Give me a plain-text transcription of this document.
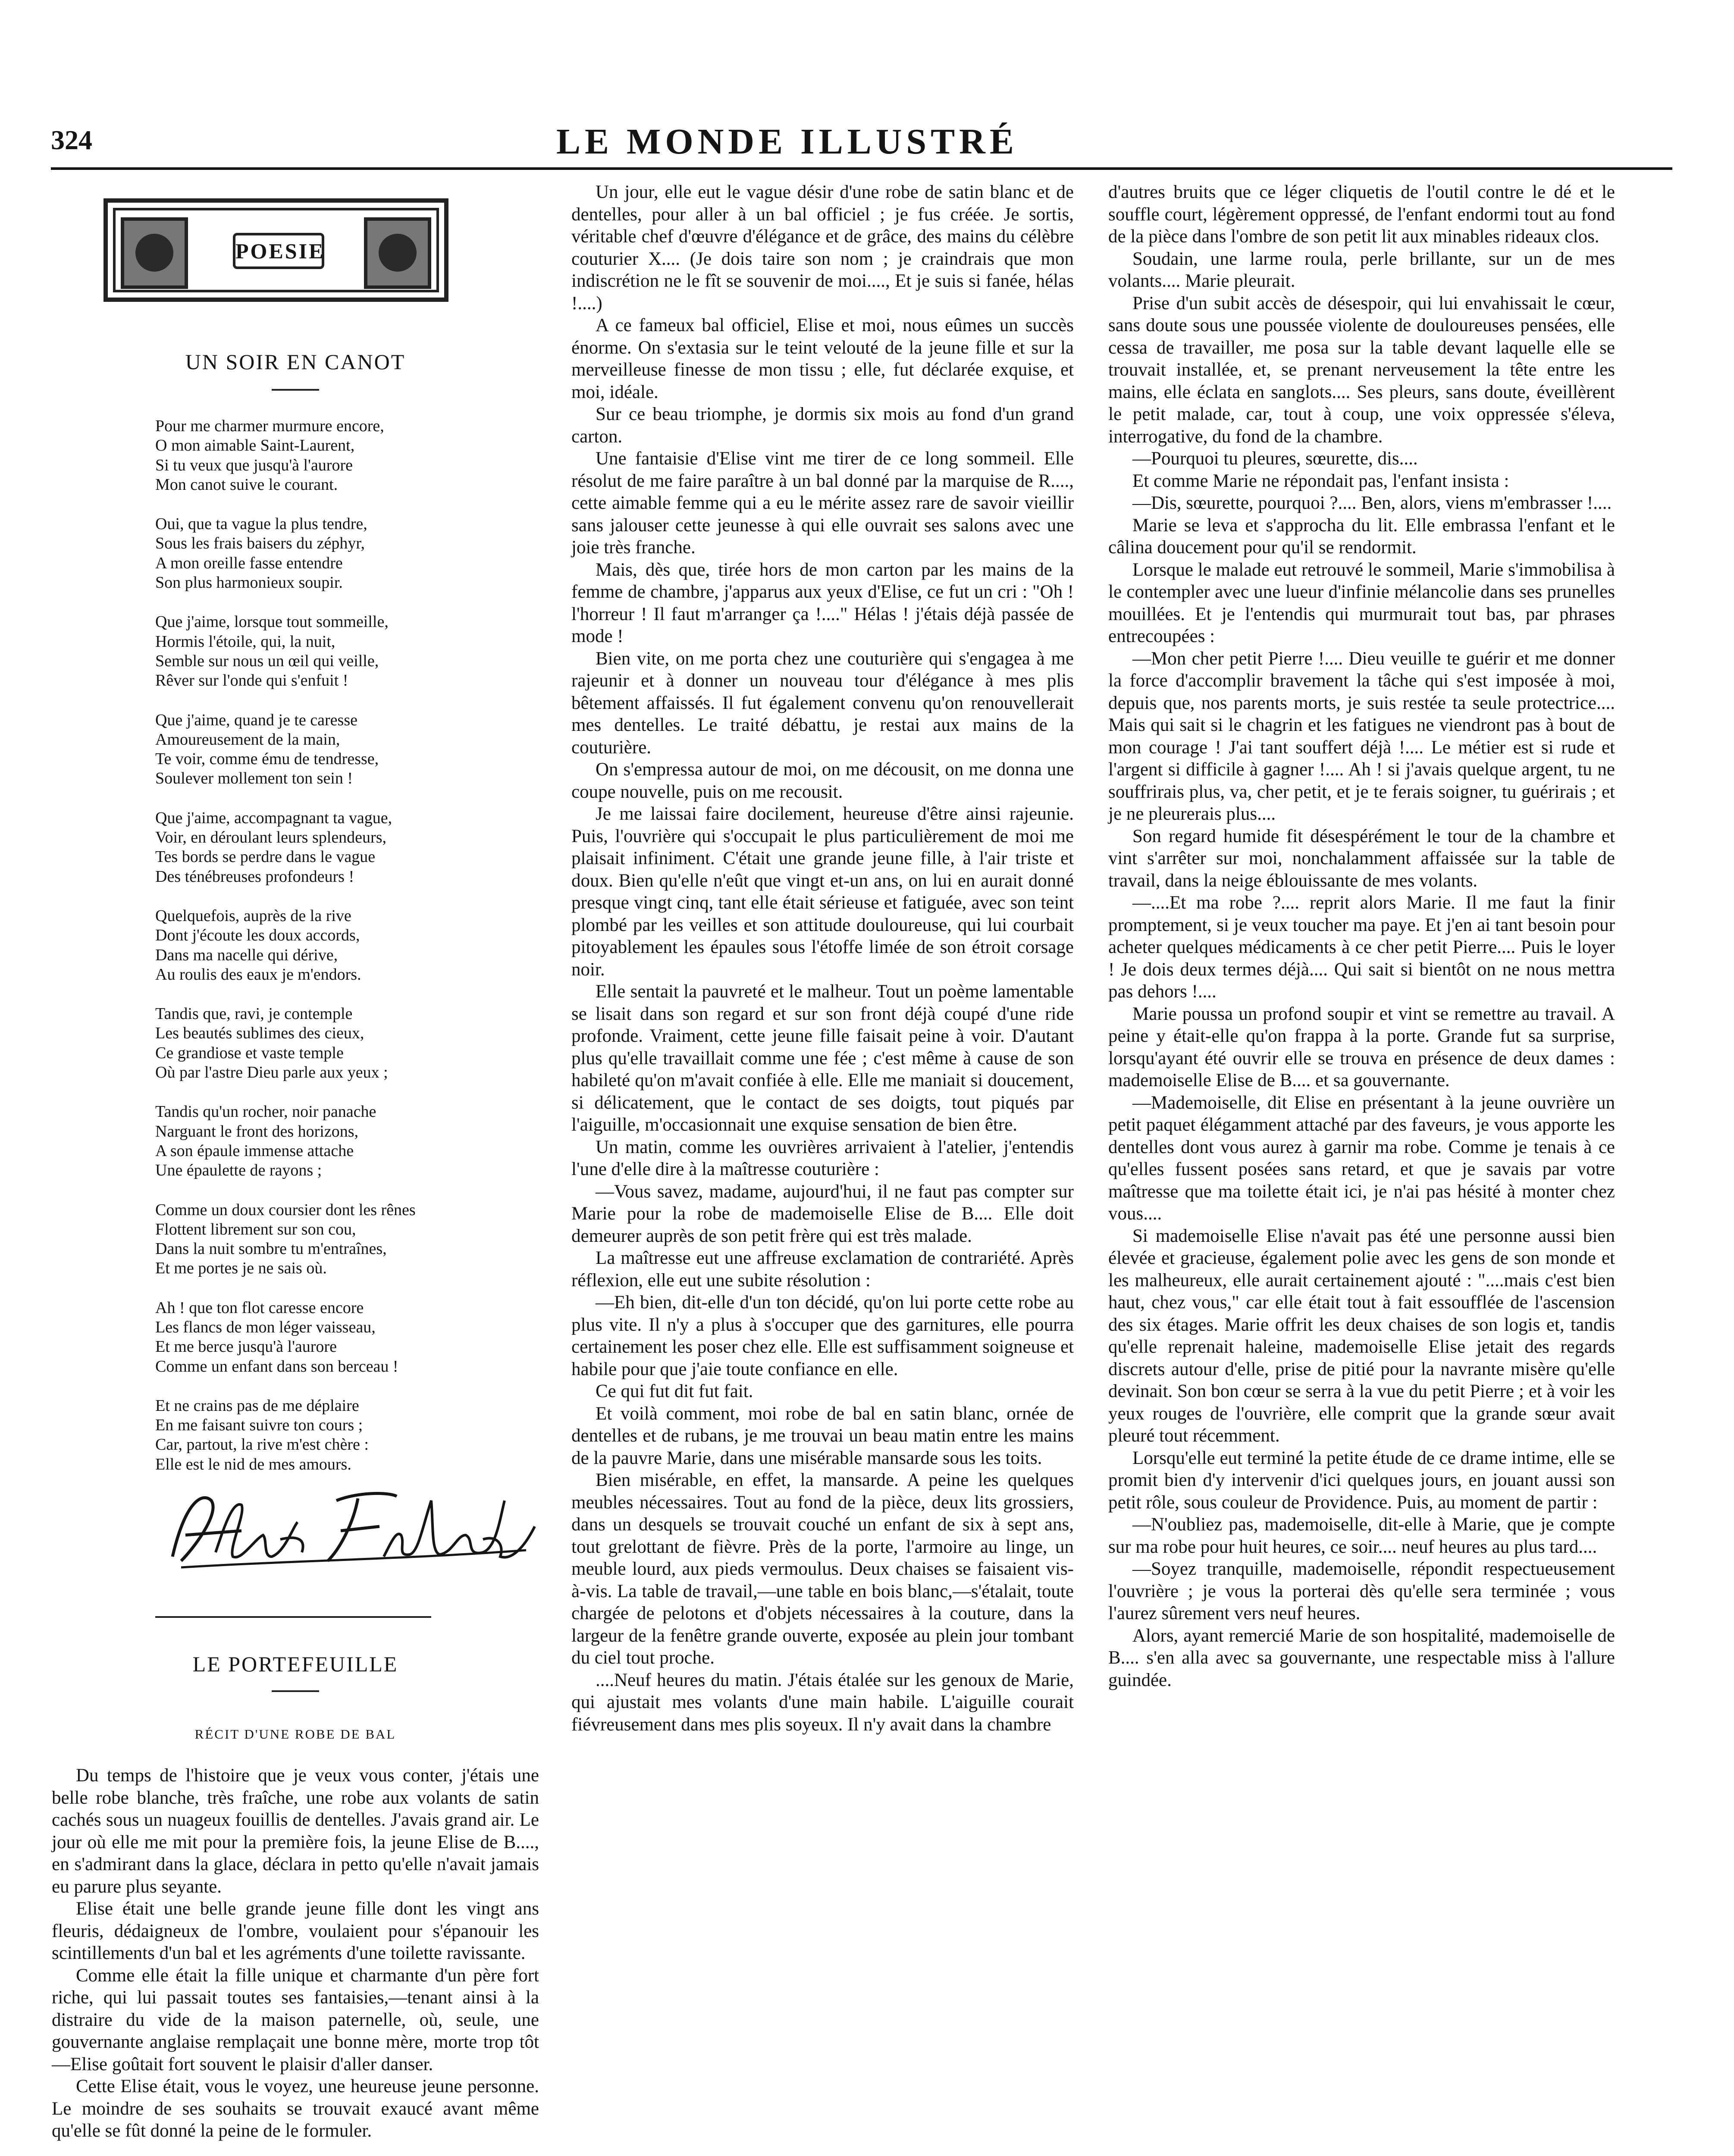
324	LE MONDE ILLUSTRÉ
POESIE
UN SOIR EN CANOT
Pour me charmer murmure encore,
O mon aimable Saint-Laurent,
Si tu veux que jusqu'à l'aurore
Mon canot suive le courant.
Oui, que ta vague la plus tendre,
Sous les frais baisers du zéphyr,
A mon oreille fasse entendre
Son plus harmonieux soupir.
Que j'aime, lorsque tout sommeille,
Hormis l'étoile, qui, la nuit,
Semble sur nous un œil qui veille,
Rêver sur l'onde qui s'enfuit !
Que j'aime, quand je te caresse
Amoureusement de la main,
Te voir, comme ému de tendresse,
Soulever mollement ton sein !
Que j'aime, accompagnant ta vague,
Voir, en déroulant leurs splendeurs,
Tes bords se perdre dans le vague
Des ténébreuses profondeurs !
Quelquefois, auprès de la rive
Dont j'écoute les doux accords,
Dans ma nacelle qui dérive,
Au roulis des eaux je m'endors.
Tandis que, ravi, je contemple
Les beautés sublimes des cieux,
Ce grandiose et vaste temple
Où par l'astre Dieu parle aux yeux ;
Tandis qu'un rocher, noir panache
Narguant le front des horizons,
A son épaule immense attache
Une épaulette de rayons ;
Comme un doux coursier dont les rênes
Flottent librement sur son cou,
Dans la nuit sombre tu m'entraînes,
Et me portes je ne sais où.
Ah ! que ton flot caresse encore
Les flancs de mon léger vaisseau,
Et me berce jusqu'à l'aurore
Comme un enfant dans son berceau !
Et ne crains pas de me déplaire
En me faisant suivre ton cours ;
Car, partout, la rive m'est chère :
Elle est le nid de mes amours.
Albert Ferland
LE PORTEFEUILLE
RÉCIT D'UNE ROBE DE BAL

Du temps de l'histoire que je veux vous conter, j'étais une belle robe blanche, très fraîche, une robe aux volants de satin cachés sous un nuageux fouillis de dentelles. J'avais grand air. Le jour où elle me mit pour la première fois, la jeune Elise de B...., en s'admirant dans la glace, déclara in petto qu'elle n'avait jamais eu parure plus seyante.

Elise était une belle grande jeune fille dont les vingt ans fleuris, dédaigneux de l'ombre, voulaient pour s'épanouir les scintillements d'un bal et les agréments d'une toilette ravissante.

Comme elle était la fille unique et charmante d'un père fort riche, qui lui passait toutes ses fantaisies,—tenant ainsi à la distraire du vide de la maison paternelle, où, seule, une gouvernante anglaise remplaçait une bonne mère, morte trop tôt—Elise goûtait fort souvent le plaisir d'aller danser.

Cette Elise était, vous le voyez, une heureuse jeune personne. Le moindre de ses souhaits se trouvait exaucé avant même qu'elle se fût donné la peine de le formuler.

Un jour, elle eut le vague désir d'une robe de satin blanc et de dentelles, pour aller à un bal officiel ; je fus créée. Je sortis, véritable chef d'œuvre d'élégance et de grâce, des mains du célèbre couturier X.... (Je dois taire son nom ; je craindrais que mon indiscrétion ne le fît se souvenir de moi...., Et je suis si fanée, hélas !....)

A ce fameux bal officiel, Elise et moi, nous eûmes un succès énorme. On s'extasia sur le teint velouté de la jeune fille et sur la merveilleuse finesse de mon tissu ; elle, fut déclarée exquise, et moi, idéale.

Sur ce beau triomphe, je dormis six mois au fond d'un grand carton.

Une fantaisie d'Elise vint me tirer de ce long sommeil. Elle résolut de me faire paraître à un bal donné par la marquise de R...., cette aimable femme qui a eu le mérite assez rare de savoir vieillir sans jalouser cette jeunesse à qui elle ouvrait ses salons avec une joie très franche.

Mais, dès que, tirée hors de mon carton par les mains de la femme de chambre, j'apparus aux yeux d'Elise, ce fut un cri : "Oh ! l'horreur ! Il faut m'arranger ça !...." Hélas ! j'étais déjà passée de mode !

Bien vite, on me porta chez une couturière qui s'engagea à me rajeunir et à donner un nouveau tour d'élégance à mes plis bêtement affaissés. Il fut également convenu qu'on renouvellerait mes dentelles. Le traité débattu, je restai aux mains de la couturière.

On s'empressa autour de moi, on me décousit, on me donna une coupe nouvelle, puis on me recousit.

Je me laissai faire docilement, heureuse d'être ainsi rajeunie. Puis, l'ouvrière qui s'occupait le plus particulièrement de moi me plaisait infiniment. C'était une grande jeune fille, à l'air triste et doux. Bien qu'elle n'eût que vingt et-un ans, on lui en aurait donné presque vingt cinq, tant elle était sérieuse et fatiguée, avec son teint plombé par les veilles et son attitude douloureuse, qui lui courbait pitoyablement les épaules sous l'étoffe limée de son étroit corsage noir.

Elle sentait la pauvreté et le malheur. Tout un poème lamentable se lisait dans son regard et sur son front déjà coupé d'une ride profonde. Vraiment, cette jeune fille faisait peine à voir. D'autant plus qu'elle travaillait comme une fée ; c'est même à cause de son habileté qu'on m'avait confiée à elle. Elle me maniait si doucement, si délicatement, que le contact de ses doigts, tout piqués par l'aiguille, m'occasionnait une exquise sensation de bien être.

Un matin, comme les ouvrières arrivaient à l'atelier, j'entendis l'une d'elle dire à la maîtresse couturière :

—Vous savez, madame, aujourd'hui, il ne faut pas compter sur Marie pour la robe de mademoiselle Elise de B.... Elle doit demeurer auprès de son petit frère qui est très malade.

La maîtresse eut une affreuse exclamation de contrariété. Après réflexion, elle eut une subite résolution :

—Eh bien, dit-elle d'un ton décidé, qu'on lui porte cette robe au plus vite. Il n'y a plus à s'occuper que des garnitures, elle pourra certainement les poser chez elle. Elle est suffisamment soigneuse et habile pour que j'aie toute confiance en elle.

Ce qui fut dit fut fait.

Et voilà comment, moi robe de bal en satin blanc, ornée de dentelles et de rubans, je me trouvai un beau matin entre les mains de la pauvre Marie, dans une misérable mansarde sous les toits.

Bien misérable, en effet, la mansarde. A peine les quelques meubles nécessaires. Tout au fond de la pièce, deux lits grossiers, dans un desquels se trouvait couché un enfant de six à sept ans, tout grelottant de fièvre. Près de la porte, l'armoire au linge, un meuble lourd, aux pieds vermoulus. Deux chaises se faisaient vis-à-vis. La table de travail,—une table en bois blanc,—s'étalait, toute chargée de pelotons et d'objets nécessaires à la couture, dans la largeur de la fenêtre grande ouverte, exposée au plein jour tombant du ciel tout proche.

....Neuf heures du matin. J'étais étalée sur les genoux de Marie, qui ajustait mes volants d'une main habile. L'aiguille courait fiévreusement dans mes plis soyeux. Il n'y avait dans la chambre

d'autres bruits que ce léger cliquetis de l'outil contre le dé et le souffle court, légèrement oppressé, de l'enfant endormi tout au fond de la pièce dans l'ombre de son petit lit aux minables rideaux clos.

Soudain, une larme roula, perle brillante, sur un de mes volants.... Marie pleurait.

Prise d'un subit accès de désespoir, qui lui envahissait le cœur, sans doute sous une poussée violente de douloureuses pensées, elle cessa de travailler, me posa sur la table devant laquelle elle se trouvait installée, et, se prenant nerveusement la tête entre les mains, elle éclata en sanglots.... Ses pleurs, sans doute, éveillèrent le petit malade, car, tout à coup, une voix oppressée s'éleva, interrogative, du fond de la chambre.

—Pourquoi tu pleures, sœurette, dis....

Et comme Marie ne répondait pas, l'enfant insista :

—Dis, sœurette, pourquoi ?.... Ben, alors, viens m'embrasser !....

Marie se leva et s'approcha du lit. Elle embrassa l'enfant et le câlina doucement pour qu'il se rendormit.

Lorsque le malade eut retrouvé le sommeil, Marie s'immobilisa à le contempler avec une lueur d'infinie mélancolie dans ses prunelles mouillées. Et je l'entendis qui murmurait tout bas, par phrases entrecoupées :

—Mon cher petit Pierre !.... Dieu veuille te guérir et me donner la force d'accomplir bravement la tâche qui s'est imposée à moi, depuis que, nos parents morts, je suis restée ta seule protectrice.... Mais qui sait si le chagrin et les fatigues ne viendront pas à bout de mon courage ! J'ai tant souffert déjà !.... Le métier est si rude et l'argent si difficile à gagner !.... Ah ! si j'avais quelque argent, tu ne souffrirais plus, va, cher petit, et je te ferais soigner, tu guérirais ; et je ne pleurerais plus....

Son regard humide fit désespérément le tour de la chambre et vint s'arrêter sur moi, nonchalamment affaissée sur la table de travail, dans la neige éblouissante de mes volants.

—....Et ma robe ?.... reprit alors Marie. Il me faut la finir promptement, si je veux toucher ma paye. Et j'en ai tant besoin pour acheter quelques médicaments à ce cher petit Pierre.... Puis le loyer ! Je dois deux termes déjà.... Qui sait si bientôt on ne nous mettra pas dehors !....

Marie poussa un profond soupir et vint se remettre au travail. A peine y était-elle qu'on frappa à la porte. Grande fut sa surprise, lorsqu'ayant été ouvrir elle se trouva en présence de deux dames : mademoiselle Elise de B.... et sa gouvernante.

—Mademoiselle, dit Elise en présentant à la jeune ouvrière un petit paquet élégamment attaché par des faveurs, je vous apporte les dentelles dont vous aurez à garnir ma robe. Comme je tenais à ce qu'elles fussent posées sans retard, et que je savais par votre maîtresse que ma toilette était ici, je n'ai pas hésité à monter chez vous....

Si mademoiselle Elise n'avait pas été une personne aussi bien élevée et gracieuse, également polie avec les gens de son monde et les malheureux, elle aurait certainement ajouté : "....mais c'est bien haut, chez vous," car elle était tout à fait essoufflée de l'ascension des six étages. Marie offrit les deux chaises de son logis et, tandis qu'elle reprenait haleine, mademoiselle Elise jetait des regards discrets autour d'elle, prise de pitié pour la navrante misère qu'elle devinait. Son bon cœur se serra à la vue du petit Pierre ; et à voir les yeux rouges de l'ouvrière, elle comprit que la grande sœur avait pleuré tout récemment.

Lorsqu'elle eut terminé la petite étude de ce drame intime, elle se promit bien d'y intervenir d'ici quelques jours, en jouant aussi son petit rôle, sous couleur de Providence. Puis, au moment de partir :

—N'oubliez pas, mademoiselle, dit-elle à Marie, que je compte sur ma robe pour huit heures, ce soir.... neuf heures au plus tard....

—Soyez tranquille, mademoiselle, répondit respectueusement l'ouvrière ; je vous la porterai dès qu'elle sera terminée ; vous l'aurez sûrement vers neuf heures.

Alors, ayant remercié Marie de son hospitalité, mademoiselle de B.... s'en alla avec sa gouvernante, une respectable miss à l'allure guindée.
